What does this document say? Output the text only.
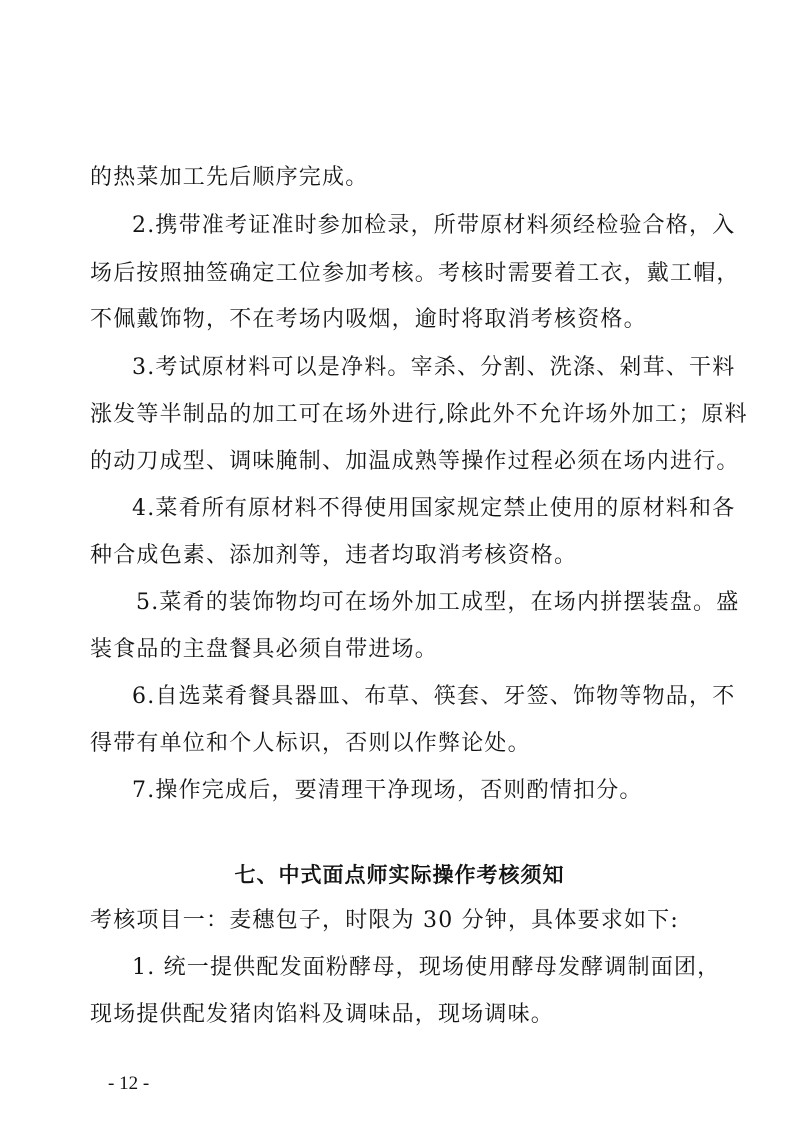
的热菜加工先后顺序完成。

2.携带准考证准时参加检录，所带原材料须经检验合格，入

场后按照抽签确定工位参加考核。考核时需要着工衣，戴工帽，

不佩戴饰物，不在考场内吸烟，逾时将取消考核资格。

3.考试原材料可以是净料。宰杀、分割、洗涤、剁茸、干料

涨发等半制品的加工可在场外进行,除此外不允许场外加工；原料

的动刀成型、调味腌制、加温成熟等操作过程必须在场内进行。

4.菜肴所有原材料不得使用国家规定禁止使用的原材料和各

种合成色素、添加剂等，违者均取消考核资格。

5.菜肴的装饰物均可在场外加工成型，在场内拼摆装盘。盛

装食品的主盘餐具必须自带进场。

6.自选菜肴餐具器皿、布草、筷套、牙签、饰物等物品，不

得带有单位和个人标识，否则以作弊论处。

7.操作完成后，要清理干净现场，否则酌情扣分。

七、中式面点师实际操作考核须知

考核项目一：麦穗包子，时限为 30 分钟，具体要求如下:

1. 统一提供配发面粉酵母，现场使用酵母发酵调制面团，

现场提供配发猪肉馅料及调味品，现场调味。

- 12 -
